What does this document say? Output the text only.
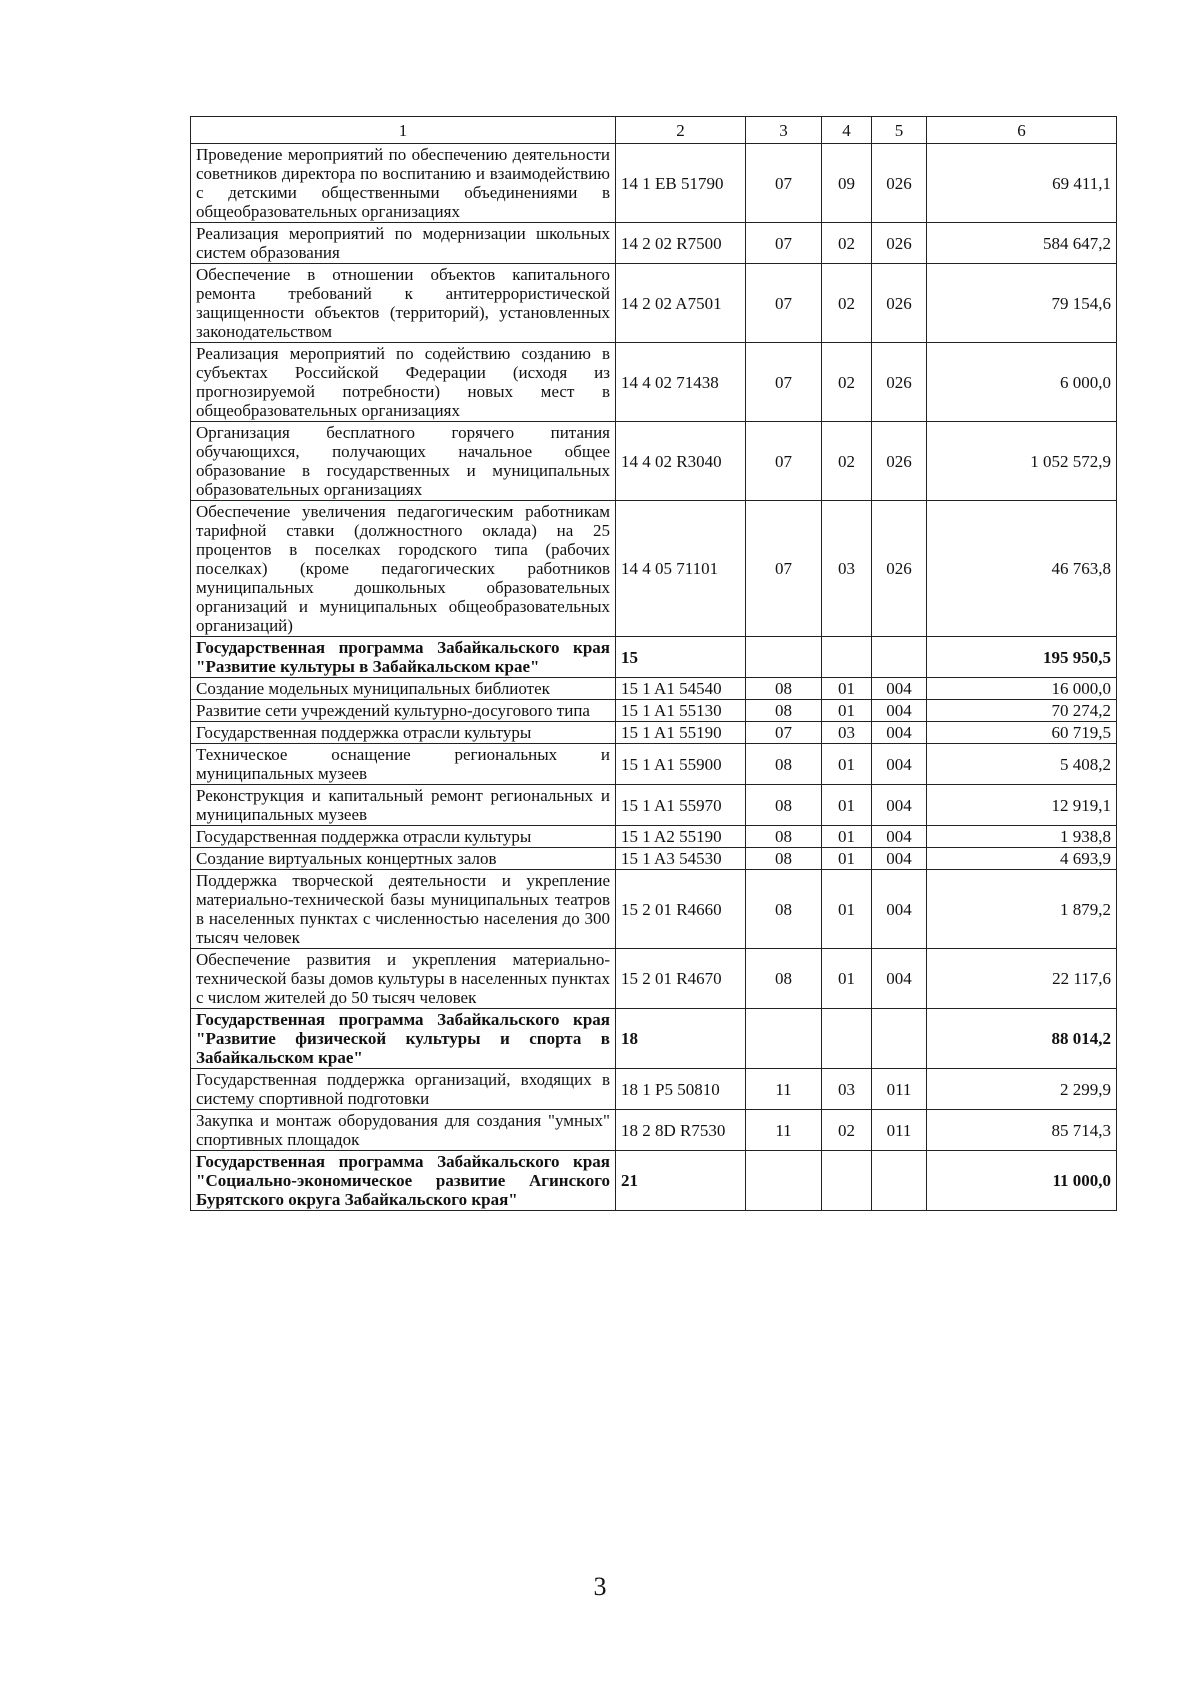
1	2	3	4	5	6
Проведение мероприятий по обеспечению деятельности советников директора по воспитанию и взаимодействию с детскими общественными объединениями в общеобразовательных организациях	14 1 EB 51790	07	09	026	69 411,1
Реализация мероприятий по модернизации школьных систем образования	14 2 02 R7500	07	02	026	584 647,2
Обеспечение в отношении объектов капитального ремонта требований к антитеррористической защищенности объектов (территорий), установленных законодательством	14 2 02 A7501	07	02	026	79 154,6
Реализация мероприятий по содействию созданию в субъектах Российской Федерации (исходя из прогнозируемой потребности) новых мест в общеобразовательных организациях	14 4 02 71438	07	02	026	6 000,0
Организация бесплатного горячего питания обучающихся, получающих начальное общее образование в государственных и муниципальных образовательных организациях	14 4 02 R3040	07	02	026	1 052 572,9
Обеспечение увеличения педагогическим работникам тарифной ставки (должностного оклада) на 25 процентов в поселках городского типа (рабочих поселках) (кроме педагогических работников муниципальных дошкольных образовательных организаций и муниципальных общеобразовательных организаций)	14 4 05 71101	07	03	026	46 763,8
Государственная программа Забайкальского края "Развитие культуры в Забайкальском крае"	15				195 950,5
Создание модельных муниципальных библиотек	15 1 A1 54540	08	01	004	16 000,0
Развитие сети учреждений культурно-досугового типа	15 1 A1 55130	08	01	004	70 274,2
Государственная поддержка отрасли культуры	15 1 A1 55190	07	03	004	60 719,5
Техническое оснащение региональных и муниципальных музеев	15 1 A1 55900	08	01	004	5 408,2
Реконструкция и капитальный ремонт региональных и муниципальных музеев	15 1 A1 55970	08	01	004	12 919,1
Государственная поддержка отрасли культуры	15 1 A2 55190	08	01	004	1 938,8
Создание виртуальных концертных залов	15 1 A3 54530	08	01	004	4 693,9
Поддержка творческой деятельности и укрепление материально-технической базы муниципальных театров в населенных пунктах с численностью населения до 300 тысяч человек	15 2 01 R4660	08	01	004	1 879,2
Обеспечение развития и укрепления материально-технической базы домов культуры в населенных пунктах с числом жителей до 50 тысяч человек	15 2 01 R4670	08	01	004	22 117,6
Государственная программа Забайкальского края "Развитие физической культуры и спорта в Забайкальском крае"	18				88 014,2
Государственная поддержка организаций, входящих в систему спортивной подготовки	18 1 P5 50810	11	03	011	2 299,9
Закупка и монтаж оборудования для создания "умных" спортивных площадок	18 2 8D R7530	11	02	011	85 714,3
Государственная программа Забайкальского края "Социально-экономическое развитие Агинского Бурятского округа Забайкальского края"	21				11 000,0
3
